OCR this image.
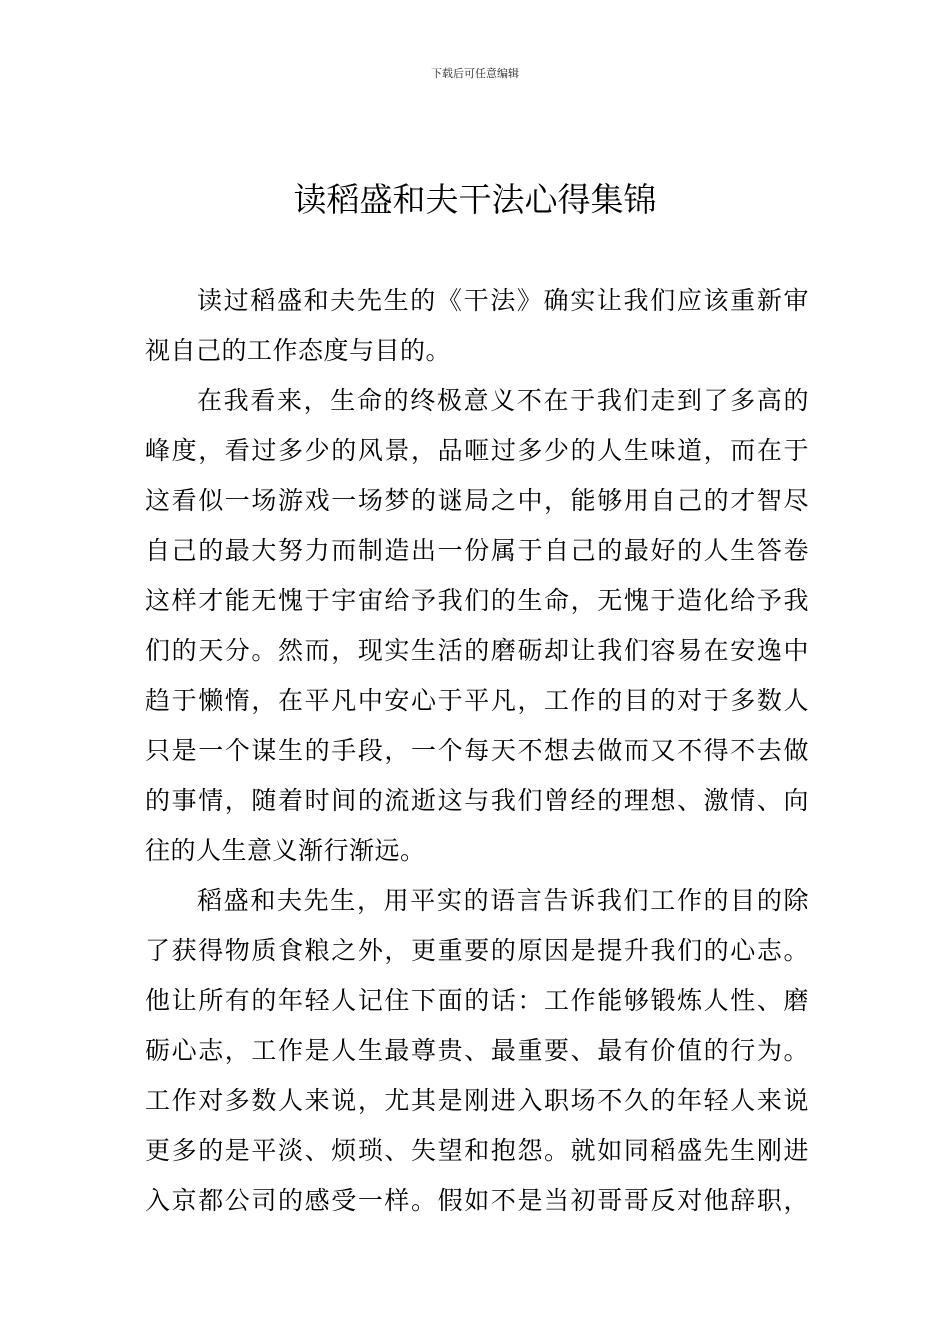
下载后可任意编辑
读稻盛和夫干法心得集锦
读过稻盛和夫先生的《干法》确实让我们应该重新审
视自己的工作态度与目的。
在我看来，生命的终极意义不在于我们走到了多高的
峰度，看过多少的风景，品咂过多少的人生味道，而在于
这看似一场游戏一场梦的谜局之中，能够用自己的才智尽
自己的最大努力而制造出一份属于自己的最好的人生答卷
这样才能无愧于宇宙给予我们的生命，无愧于造化给予我
们的天分。然而，现实生活的磨砺却让我们容易在安逸中
趋于懒惰，在平凡中安心于平凡，工作的目的对于多数人
只是一个谋生的手段，一个每天不想去做而又不得不去做
的事情，随着时间的流逝这与我们曾经的理想、激情、向
往的人生意义渐行渐远。
稻盛和夫先生，用平实的语言告诉我们工作的目的除
了获得物质食粮之外，更重要的原因是提升我们的心志。
他让所有的年轻人记住下面的话：工作能够锻炼人性、磨
砺心志，工作是人生最尊贵、最重要、最有价值的行为。
工作对多数人来说，尤其是刚进入职场不久的年轻人来说
更多的是平淡、烦琐、失望和抱怨。就如同稻盛先生刚进
入京都公司的感受一样。假如不是当初哥哥反对他辞职，
